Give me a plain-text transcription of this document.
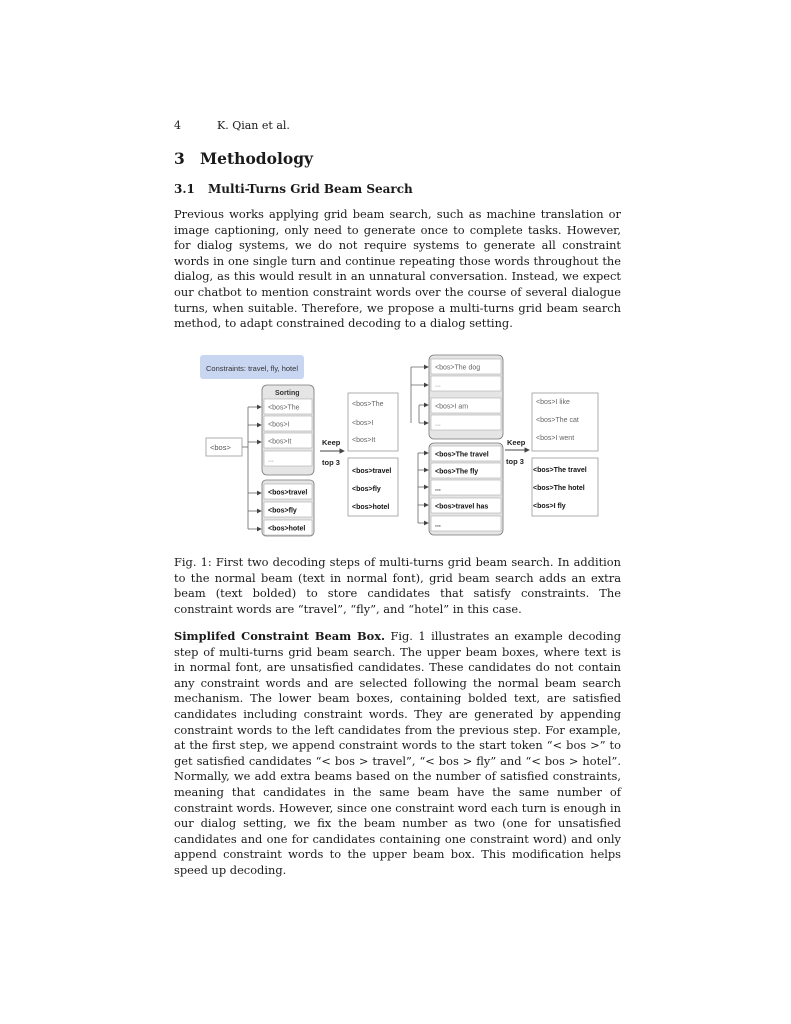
4	K. Qian et al.
3 Methodology
3.1 Multi-Turns Grid Beam Search

Previous works applying grid beam search, such as machine translation or image captioning, only need to generate once to complete tasks. However, for dialog systems, we do not require systems to generate all constraint words in one single turn and continue repeating those words throughout the dialog, as this would result in an unnatural conversation. Instead, we expect our chatbot to mention constraint words over the course of several dialogue turns, when suitable. Therefore, we propose a multi-turns grid beam search method, to adapt constrained decoding to a dialog setting.

Constraints: travel, fly, hotel
<bos>
Sorting
<bos>The
<bos>I
<bos>It
...
<bos>travel
<bos>fly
<bos>hotel
Keep
top 3
<bos>The
<bos>I
<bos>It
<bos>travel
<bos>fly
<bos>hotel
<bos>The dog
...
<bos>I am
...
<bos>The travel
<bos>The fly
...
<bos>travel has
...
Keep
top 3
<bos>I like
<bos>The cat
<bos>I went
<bos>The travel
<bos>The hotel
<bos>I fly

Fig. 1: First two decoding steps of multi-turns grid beam search. In addition to the normal beam (text in normal font), grid beam search adds an extra beam (text bolded) to store candidates that satisfy constraints. The constraint words are “travel”, “fly”, and “hotel” in this case.

Simplifed Constraint Beam Box. Fig. 1 illustrates an example decoding step of multi-turns grid beam search. The upper beam boxes, where text is in normal font, are unsatisfied candidates. These candidates do not contain any constraint words and are selected following the normal beam search mechanism. The lower beam boxes, containing bolded text, are satisfied candidates including constraint words. They are generated by appending constraint words to the left candidates from the previous step. For example, at the first step, we append constraint words to the start token “< bos >” to get satisfied candidates “< bos > travel”, “< bos > fly” and “< bos > hotel”. Normally, we add extra beams based on the number of satisfied constraints, meaning that candidates in the same beam have the same number of constraint words. However, since one constraint word each turn is enough in our dialog setting, we fix the beam number as two (one for unsatisfied candidates and one for candidates containing one constraint word) and only append constraint words to the upper beam box. This modification helps speed up decoding.
